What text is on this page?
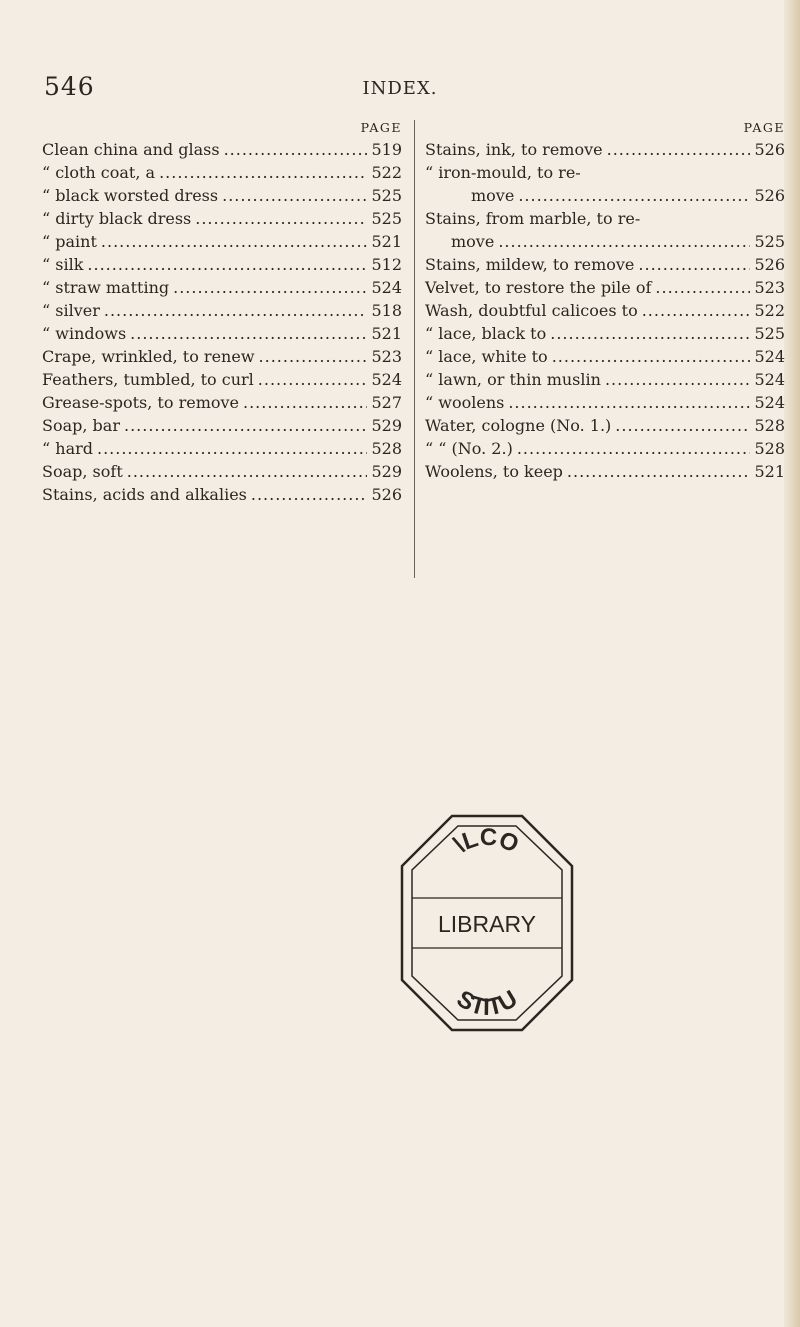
546	INDEX.
PAGE
Clean china and glass .....	519
“ cloth coat, a .....	522
“ black worsted dress .....	525
“ dirty black dress .....	525
“ paint .....	521
“ silk .....	512
“ straw matting .....	524
“ silver .....	518
“ windows .....	521
Crape, wrinkled, to renew .....	523
Feathers, tumbled, to curl .....	524
Grease-spots, to remove .....	527
Soap, bar .....	529
“ hard .....	528
Soap, soft .....	529
Stains, acids and alkalies .....	526
PAGE
Stains, ink, to remove .....	526
“ iron-mould, to re-
move .....	526
Stains, from marble, to re-
move .....	525
Stains, mildew, to remove .....	526
Velvet, to restore the pile of .....	523
Wash, doubtful calicoes to .....	522
“ lace, black to .....	525
“ lace, white to .....	524
“ lawn, or thin muslin .....	524
“ woolens .....	524
Water, cologne (No. 1.) .....	528
“ “ (No. 2.) .....	528
Woolens, to keep .....	521
\LCO
LIBRARY
STITU
